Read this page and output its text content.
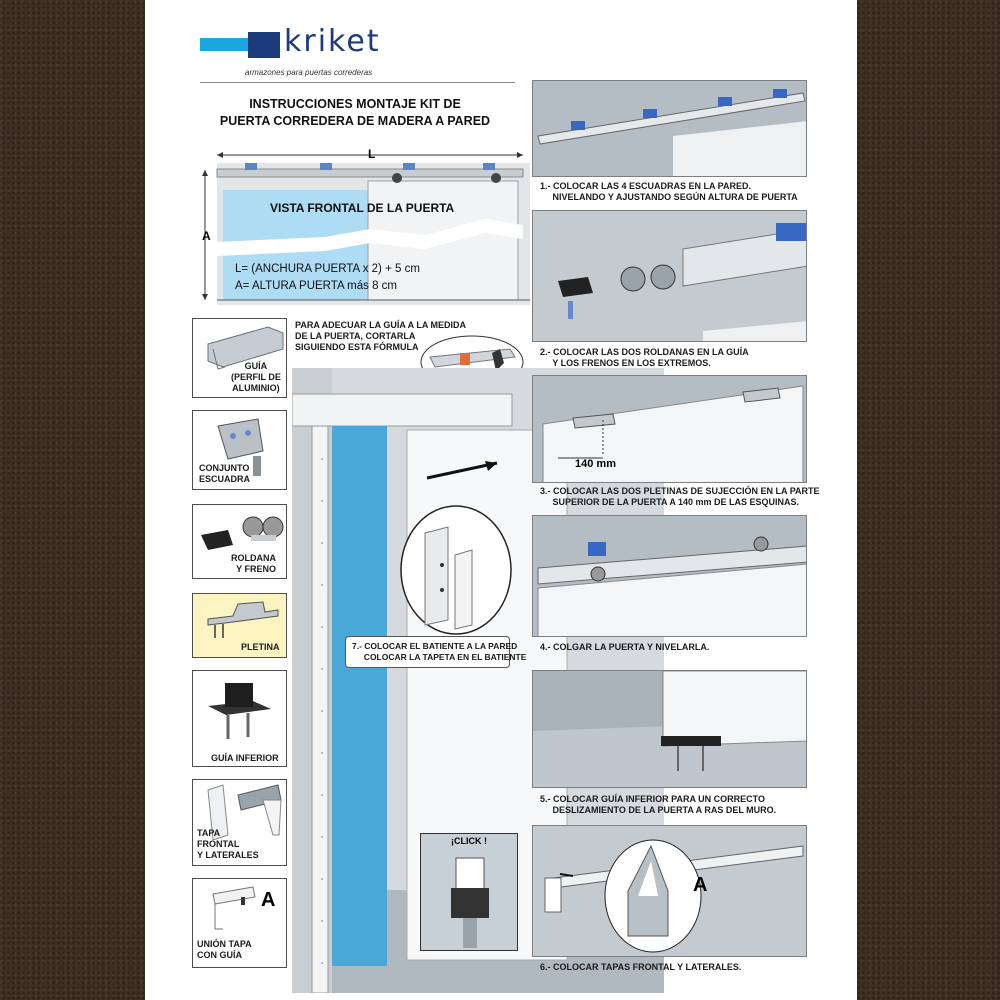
kriket
armazones para puertas correderas
INSTRUCCIONES MONTAJE KIT DE
PUERTA CORREDERA DE MADERA A PARED
L
A
VISTA FRONTAL DE LA PUERTA
L= (ANCHURA PUERTA x 2) + 5 cm
A= ALTURA PUERTA más 8 cm
PARA ADECUAR LA GUÍA A LA MEDIDA
DE LA PUERTA, CORTARLA
SIGUIENDO ESTA FÓRMULA
GUÍA
(PERFIL DE
ALUMINIO)
CONJUNTO
ESCUADRA
ROLDANA
Y FRENO
PLETINA
GUÍA INFERIOR
TAPA
FRONTAL
Y LATERALES
A
UNIÓN TAPA
CON GUÍA
7.- COLOCAR EL BATIENTE A LA PARED
COLOCAR LA TAPETA EN EL BATIENTE
¡CLICK !
1.- COLOCAR LAS 4 ESCUADRAS EN LA PARED.
NIVELANDO Y AJUSTANDO SEGÚN ALTURA DE PUERTA
2.- COLOCAR LAS DOS ROLDANAS EN LA GUÍA
Y LOS FRENOS EN LOS EXTREMOS.
140 mm
3.- COLOCAR LAS DOS PLETINAS DE SUJECCIÓN EN LA PARTE
SUPERIOR DE LA PUERTA A 140 mm DE LAS ESQUINAS.
4.- COLGAR LA PUERTA Y NIVELARLA.
5.- COLOCAR GUÍA INFERIOR PARA UN CORRECTO
DESLIZAMIENTO DE LA PUERTA A RAS DEL MURO.
A
6.- COLOCAR TAPAS FRONTAL Y LATERALES.
